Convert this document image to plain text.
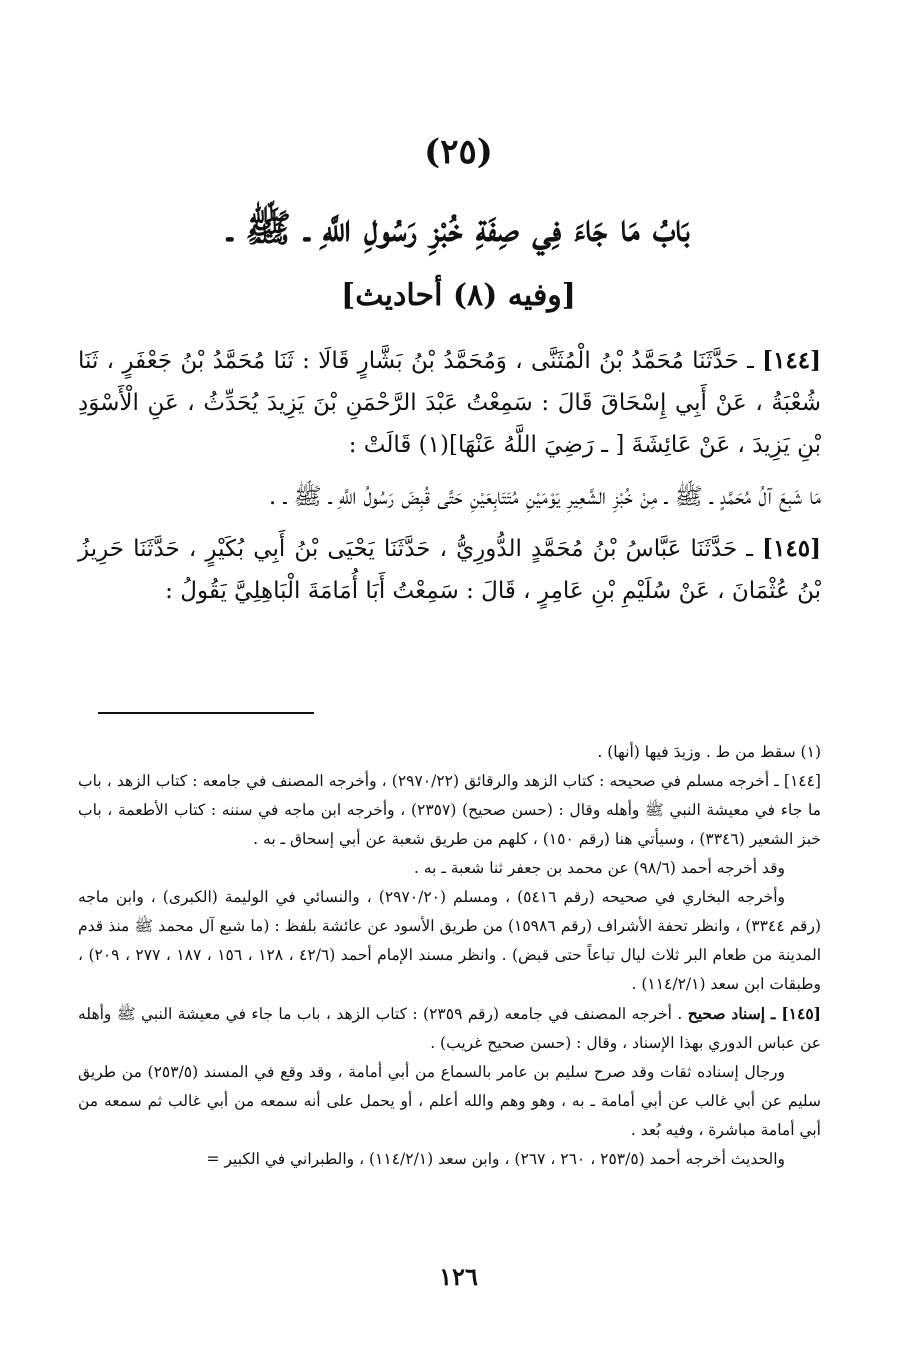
(٢٥)
بَابُ مَا جَاءَ فِي صِفَةِ خُبْزِ رَسُولِ اللَّهِ ـ ﷺ ـ
[وفيه (٨) أحاديث]

[١٤٤] ـ حَدَّثَنَا مُحَمَّدُ بْنُ الْمُثَنَّى ، وَمُحَمَّدُ بْنُ بَشَّارٍ قَالَا : ثَنَا مُحَمَّدُ بْنُ جَعْفَرٍ ، ثَنَا شُعْبَةُ ، عَنْ أَبِي إِسْحَاقَ قَالَ : سَمِعْتُ عَبْدَ الرَّحْمَنِ بْنَ يَزِيدَ يُحَدِّثُ ، عَنِ الْأَسْوَدِ بْنِ يَزِيدَ ، عَنْ عَائِشَةَ [ ـ رَضِيَ اللَّهُ عَنْهَا](١) قَالَتْ :

مَا شَبِعَ آلُ مُحَمَّدٍ ـ ﷺ ـ مِنْ خُبْزِ الشَّعِيرِ يَوْمَيْنِ مُتَتَابِعَيْنِ حَتَّى قُبِضَ رَسُولُ اللَّهِ ـ ﷺ ـ .

[١٤٥] ـ حَدَّثَنَا عَبَّاسُ بْنُ مُحَمَّدٍ الدُّورِيُّ ، حَدَّثَنَا يَحْيَى بْنُ أَبِي بُكَيْرٍ ، حَدَّثَنَا حَرِيزُ بْنُ عُثْمَانَ ، عَنْ سُلَيْمِ بْنِ عَامِرٍ ، قَالَ : سَمِعْتُ أَبَا أُمَامَةَ الْبَاهِلِيَّ يَقُولُ :

(١) سقط من ط . وزيدَ فيها (أنها) .

[١٤٤] ـ أخرجه مسلم في صحيحه : كتاب الزهد والرقائق (٢٩٧٠/٢٢) ، وأخرجه المصنف في جامعه : كتاب الزهد ، باب ما جاء في معيشة النبي ﷺ وأهله وقال : (حسن صحيح) (٢٣٥٧) ، وأخرجه ابن ماجه في سننه : كتاب الأطعمة ، باب خبز الشعير (٣٣٤٦) ، وسيأتي هنا (رقم ١٥٠) ، كلهم من طريق شعبة عن أبي إسحاق ـ به .

وقد أخرجه أحمد (٩٨/٦) عن محمد بن جعفر ثنا شعبة ـ به .

وأخرجه البخاري في صحيحه (رقم ٥٤١٦) ، ومسلم (٢٩٧٠/٢٠) ، والنسائي في الوليمة (الكبرى) ، وابن ماجه (رقم ٣٣٤٤) ، وانظر تحفة الأشراف (رقم ١٥٩٨٦) من طريق الأسود عن عائشة بلفظ : (ما شبع آل محمد ﷺ منذ قدم المدينة من طعام البر ثلاث ليال تباعاً حتى قبض) . وانظر مسند الإمام أحمد (٤٢/٦ ، ١٢٨ ، ١٥٦ ، ١٨٧ ، ٢٧٧ ، ٢٠٩) ، وطبقات ابن سعد (١١٤/٢/١) .

[١٤٥] ـ إسناد صحيح . أخرجه المصنف في جامعه (رقم ٢٣٥٩) : كتاب الزهد ، باب ما جاء في معيشة النبي ﷺ وأهله عن عباس الدوري بهذا الإسناد ، وقال : (حسن صحيح غريب) .

ورجال إسناده ثقات وقد صرح سليم بن عامر بالسماع من أبي أمامة ، وقد وقع في المسند (٢٥٣/٥) من طريق سليم عن أبي غالب عن أبي أمامة ـ به ، وهو وهم والله أعلم ، أو يحمل على أنه سمعه من أبي غالب ثم سمعه من أبي أمامة مباشرة ، وفيه بُعد .

والحديث أخرجه أحمد (٢٥٣/٥ ، ٢٦٠ ، ٢٦٧) ، وابن سعد (١١٤/٢/١) ، والطبراني في الكبير =

١٢٦
